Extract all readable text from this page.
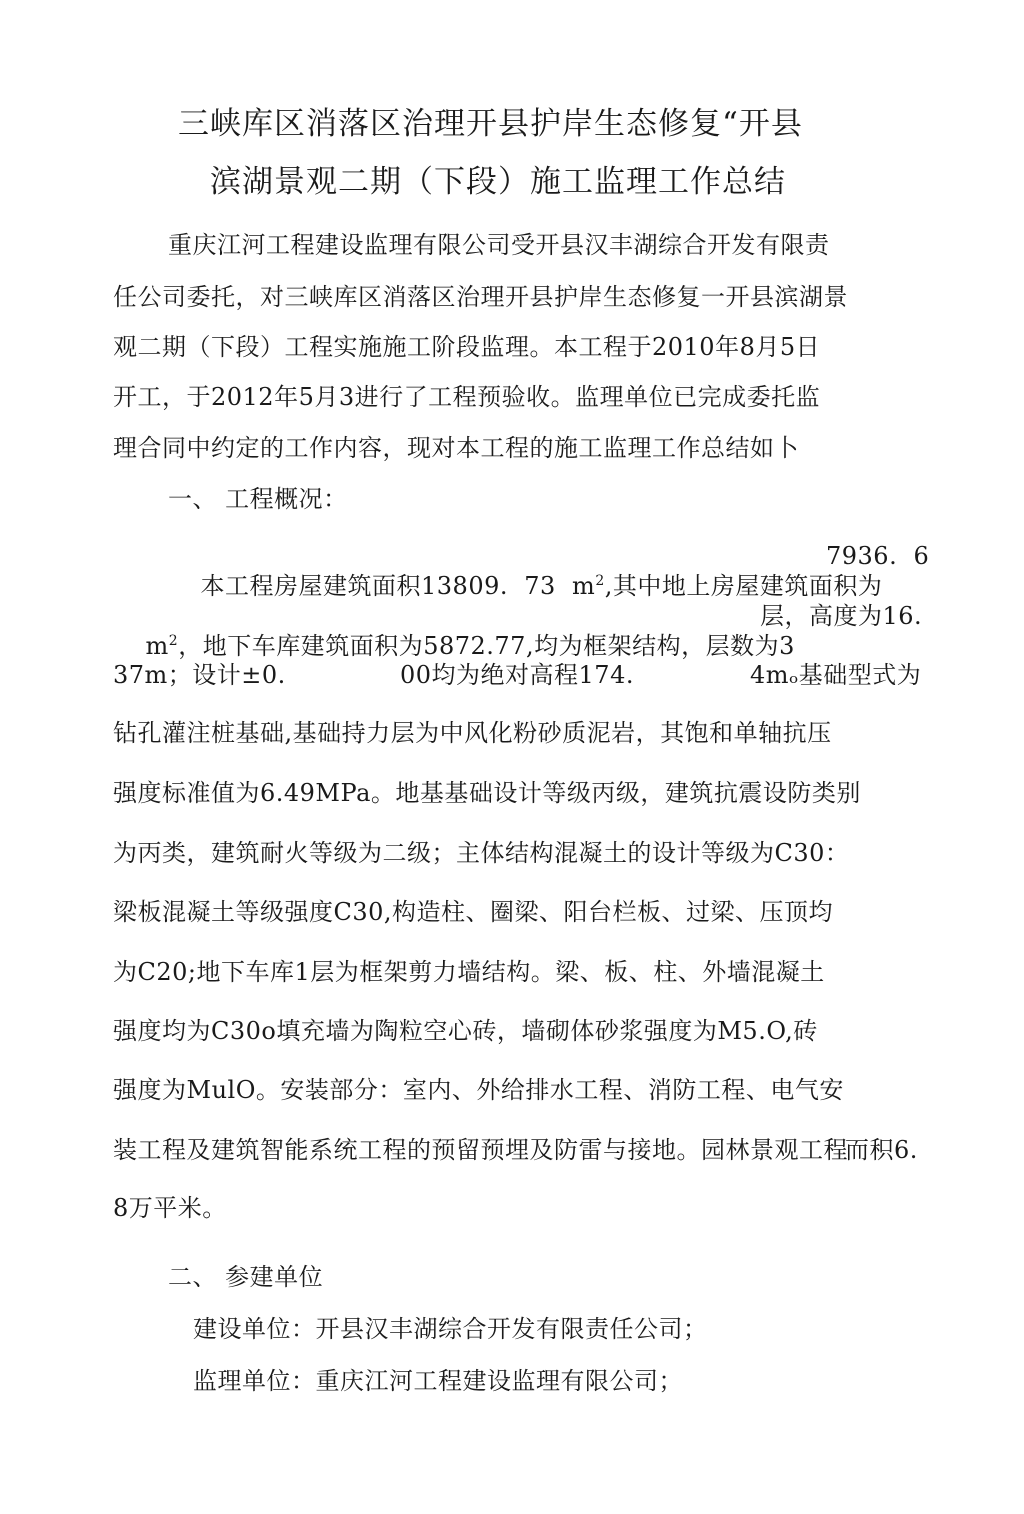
三峡库区消落区治理开县护岸生态修复“开县
滨湖景观二期（下段）施工监理工作总结
重庆江河工程建设监理有限公司受开县汉丰湖综合开发有限责
任公司委托，对三峡库区消落区治理开县护岸生态修复一开县滨湖景
观二期（下段）工程实施施工阶段监理。本工程于2010年8月5日
开工，于2012年5月3进行了工程预验收。监理单位已完成委托监
理合同中约定的工作内容，现对本工程的施工监理工作总结如卜
一、 工程概况：

本工程房屋建筑面积13809.  73  $m^2$,其中地上房屋建筑面积为

7936.  6

$m^2$，地下车库建筑面积为5872.77,均为框架结构，层数为3

层，高度为16.
37m；设计±0.	00均为绝对高程174.	4mₒ基础型式为
钻孔灌注桩基础,基础持力层为中风化粉砂质泥岩，其饱和单轴抗压
强度标准值为6.49MPa。地基基础设计等级丙级，建筑抗震设防类别
为丙类，建筑耐火等级为二级；主体结构混凝土的设计等级为C30：
梁板混凝土等级强度C30,构造柱、圈梁、阳台栏板、过梁、压顶均
为C20;地下车库1层为框架剪力墙结构。梁、板、柱、外墙混凝土
强度均为C30o填充墙为陶粒空心砖，墙砌体砂浆强度为M5.O,砖
强度为MulO。安装部分：室内、外给排水工程、消防工程、电气安
装工程及建筑智能系统工程的预留预埋及防雷与接地。园林景观工程
而积6.
8万平米。
二、 参建单位
建设单位：开县汉丰湖综合开发有限责任公司；
监理单位：重庆江河工程建设监理有限公司；
